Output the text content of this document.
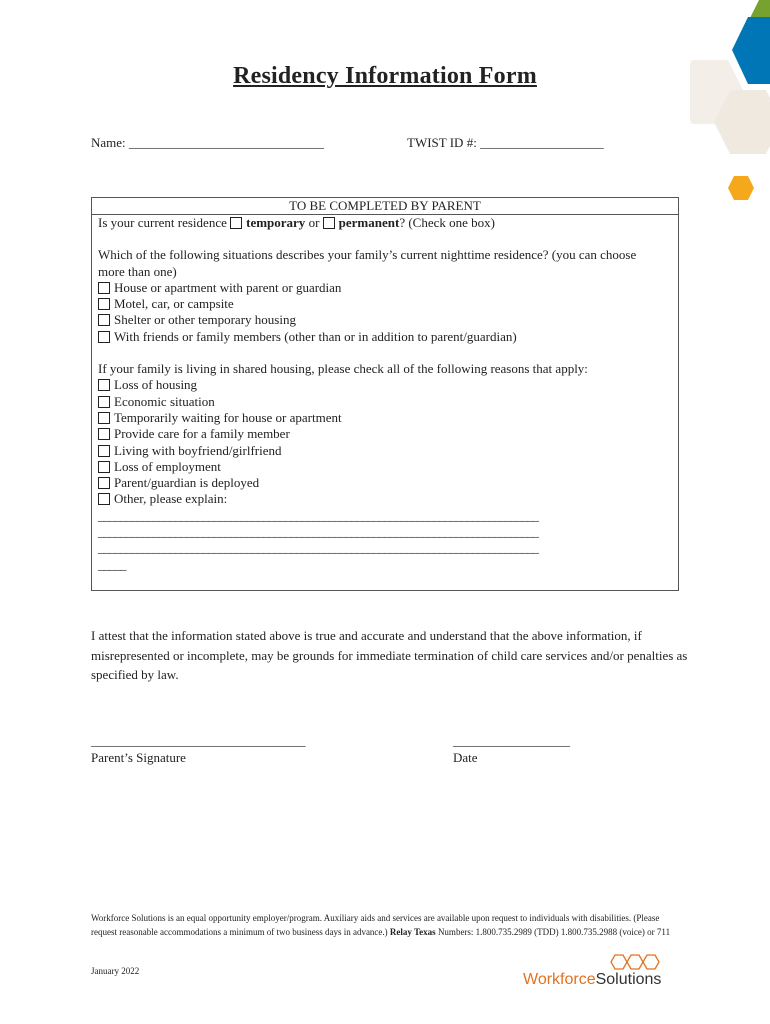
Residency Information Form
Name: ______________________________	TWIST ID #: ___________________
TO BE COMPLETED BY PARENT
Is your current residence temporary or permanent? (Check one box)
Which of the following situations describes your family’s current nighttime residence? (you can choose
more than one)
House or apartment with parent or guardian
Motel, car, or campsite
Shelter or other temporary housing
With friends or family members (other than or in addition to parent/guardian)
If your family is living in shared housing, please check all of the following reasons that apply:
Loss of housing
Economic situation
Temporarily waiting for house or apartment
Provide care for a family member
Living with boyfriend/girlfriend
Loss of employment
Parent/guardian is deployed
Other, please explain:
________________________________________________________________________________
________________________________________________________________________________
________________________________________________________________________________
_____
I attest that the information stated above is true and accurate and understand that the above information, if misrepresented or incomplete, may be grounds for immediate termination of child care services and/or penalties as specified by law.
_________________________________
Parent’s Signature
__________________
Date
Workforce Solutions is an equal opportunity employer/program. Auxiliary aids and services are available upon request to individuals with disabilities. (Please request reasonable accommodations a minimum of two business days in advance.) Relay Texas Numbers: 1.800.735.2989 (TDD) 1.800.735.2988 (voice) or 711
January 2022	WorkforceSolutions
